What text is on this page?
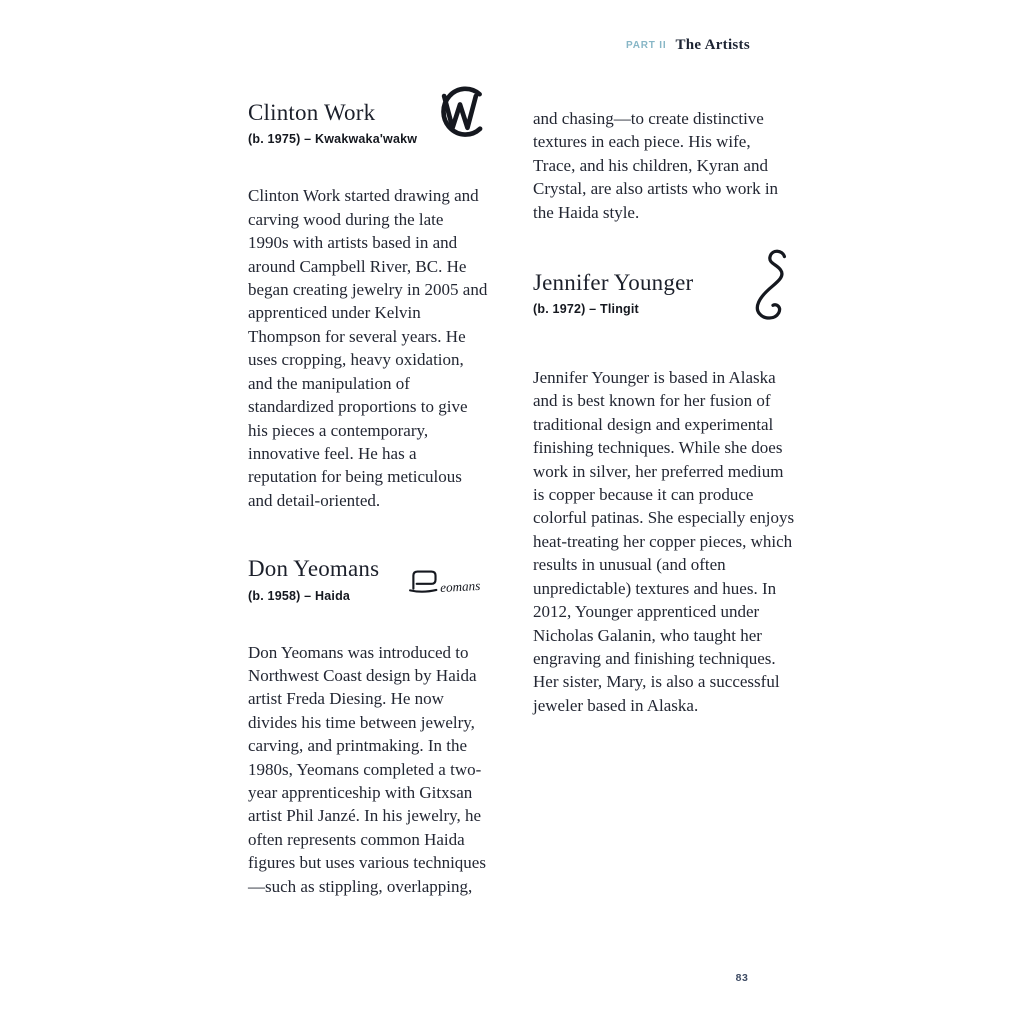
PART II The Artists
Clinton Work
(b. 1975) – Kwakwaka'wakw

Clinton Work started drawing and carving wood during the late 1990s with artists based in and around Campbell River, BC. He began creating jewelry in 2005 and apprenticed under Kelvin Thompson for several years. He uses cropping, heavy oxidation, and the manipulation of standardized proportions to give his pieces a contemporary, innovative feel. He has a reputation for being meticulous and detail-oriented.

Don Yeomans
(b. 1958) – Haida
eomans

Don Yeomans was introduced to Northwest Coast design by Haida artist Freda Diesing. He now divides his time between jewelry, carving, and printmaking. In the 1980s, Yeomans completed a two-year apprenticeship with Gitxsan artist Phil Janzé. In his jewelry, he often represents common Haida figures but uses various techniques—such as stippling, overlapping,

and chasing—to create distinctive textures in each piece. His wife, Trace, and his children, Kyran and Crystal, are also artists who work in the Haida style.

Jennifer Younger
(b. 1972) – Tlingit

Jennifer Younger is based in Alaska and is best known for her fusion of traditional design and experimental finishing techniques. While she does work in silver, her preferred medium is copper because it can produce colorful patinas. She especially enjoys heat-treating her copper pieces, which results in unusual (and often unpredictable) textures and hues. In 2012, Younger apprenticed under Nicholas Galanin, who taught her engraving and finishing techniques. Her sister, Mary, is also a successful jeweler based in Alaska.

83
